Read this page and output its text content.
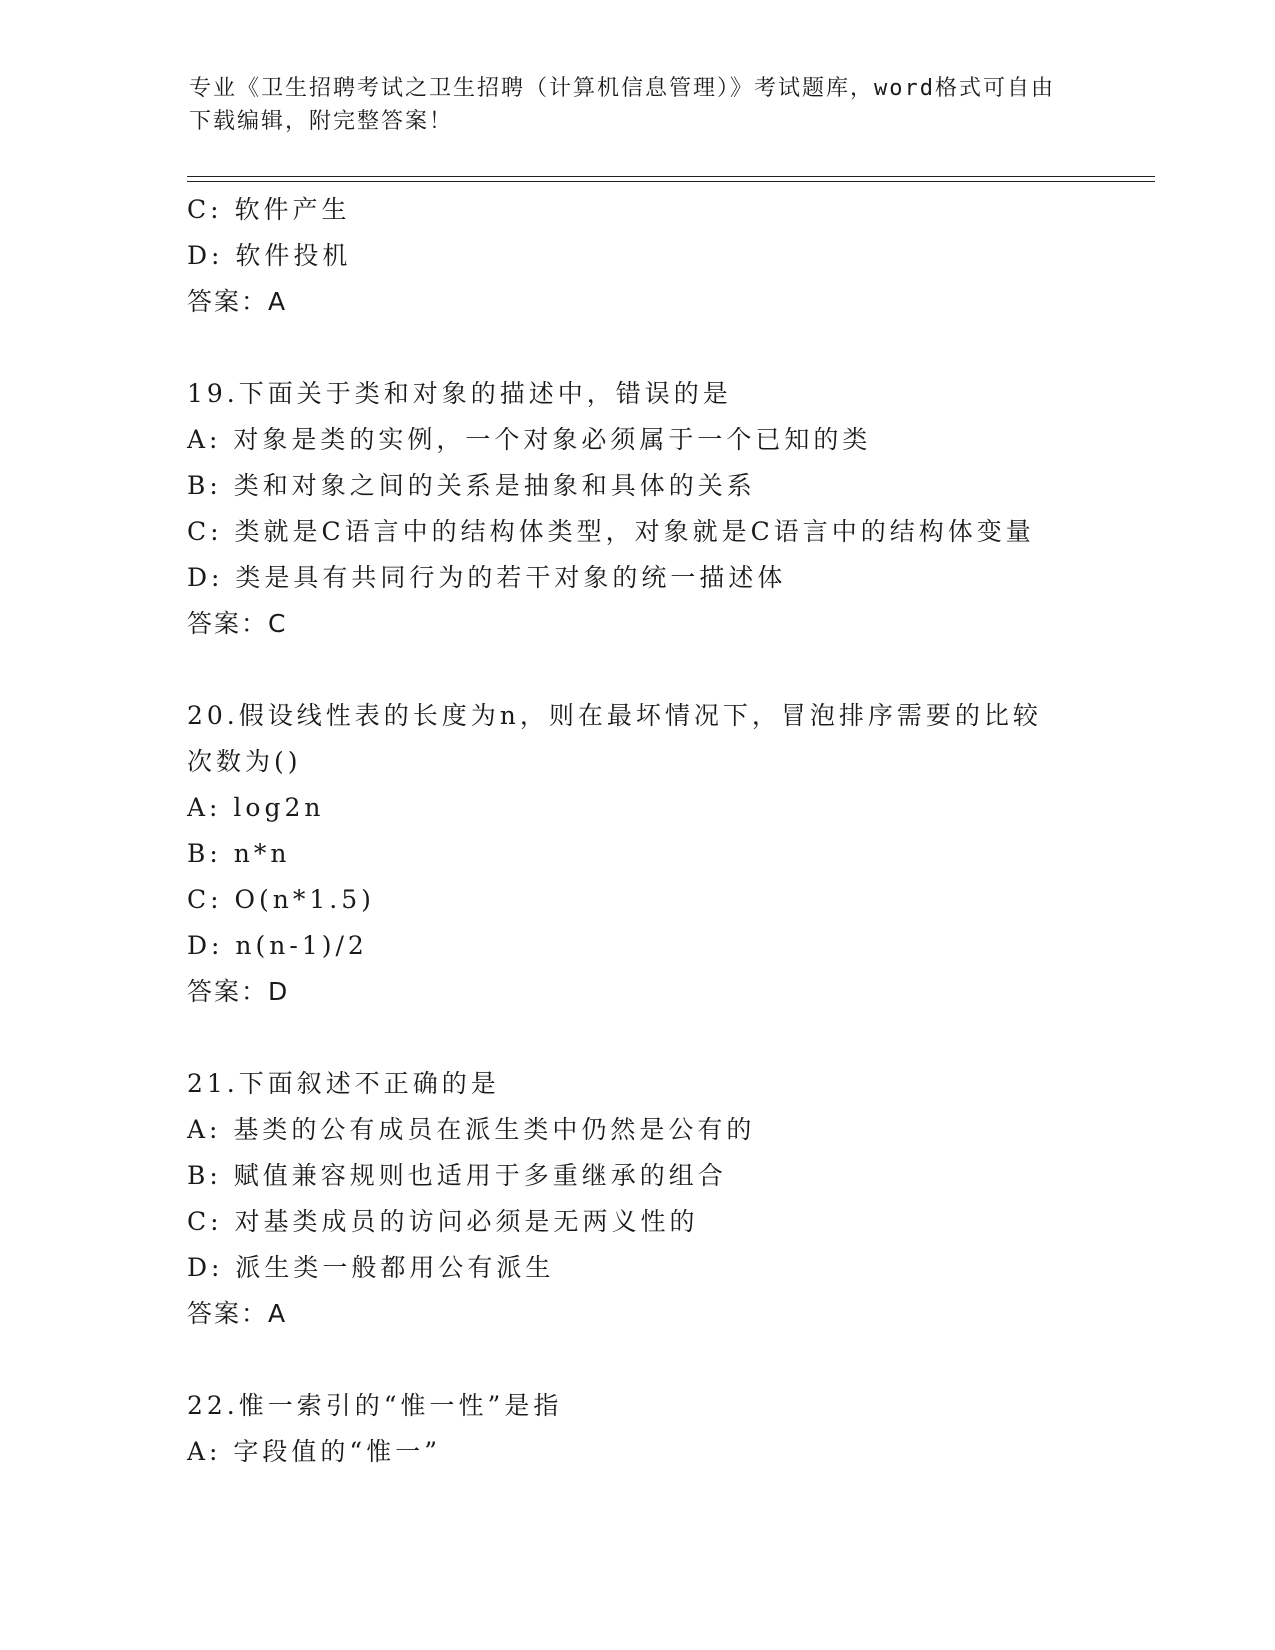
专业《卫生招聘考试之卫生招聘（计算机信息管理）》考试题库，word格式可自由下载编辑，附完整答案！
C: 软件产生
D: 软件投机
答案：A
19.下面关于类和对象的描述中，错误的是
A: 对象是类的实例，一个对象必须属于一个已知的类
B: 类和对象之间的关系是抽象和具体的关系
C: 类就是C语言中的结构体类型，对象就是C语言中的结构体变量
D: 类是具有共同行为的若干对象的统一描述体
答案：C
20.假设线性表的长度为n，则在最坏情况下，冒泡排序需要的比较次数为()
A: log2n
B: n*n
C: O(n*1.5)
D: n(n-1)/2
答案：D
21.下面叙述不正确的是
A: 基类的公有成员在派生类中仍然是公有的
B: 赋值兼容规则也适用于多重继承的组合
C: 对基类成员的访问必须是无两义性的
D: 派生类一般都用公有派生
答案：A
22.惟一索引的“惟一性”是指
A: 字段值的“惟一”
